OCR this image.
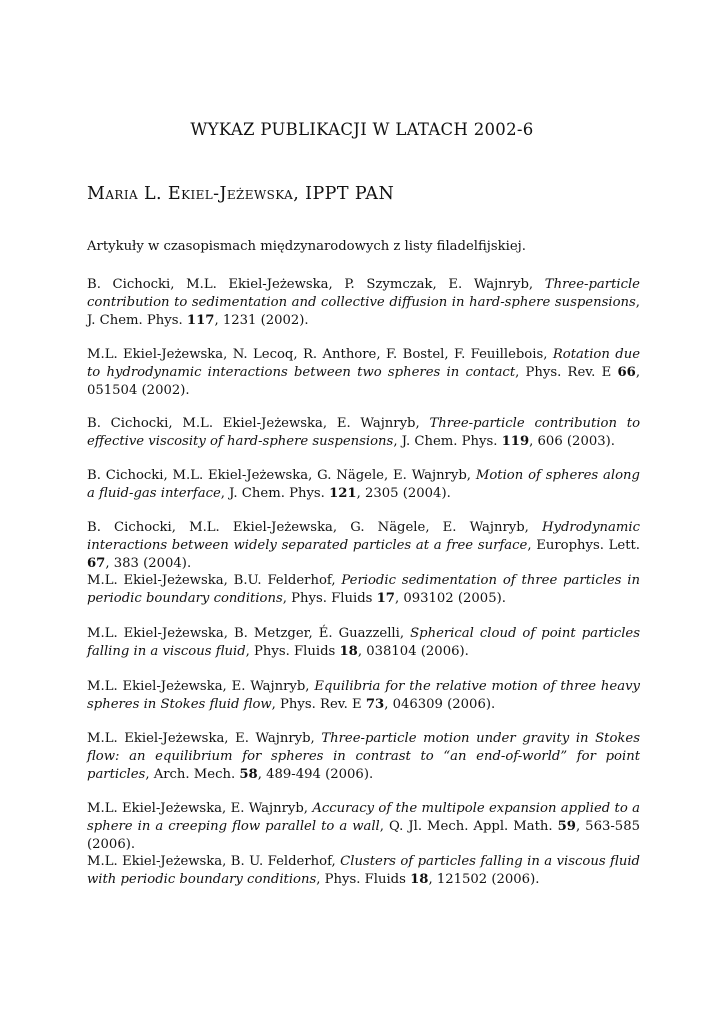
WYKAZ PUBLIKACJI W LATACH 2002-6
Maria L. Ekiel-Jeżewska, IPPT PAN
Artykuły w czasopismach międzynarodowych z listy filadelfijskiej.
B. Cichocki, M.L. Ekiel-Jeżewska, P. Szymczak, E. Wajnryb, Three-particle contribution to sedimentation and collective diffusion in hard-sphere suspensions, J. Chem. Phys. 117, 1231 (2002).
M.L. Ekiel-Jeżewska, N. Lecoq, R. Anthore, F. Bostel, F. Feuillebois, Rotation due to hydrodynamic interactions between two spheres in contact, Phys. Rev. E 66, 051504 (2002).
B. Cichocki, M.L. Ekiel-Jeżewska, E. Wajnryb, Three-particle contribution to effective viscosity of hard-sphere suspensions, J. Chem. Phys. 119, 606 (2003).
B. Cichocki, M.L. Ekiel-Jeżewska, G. Nägele, E. Wajnryb, Motion of spheres along a fluid-gas interface, J. Chem. Phys. 121, 2305 (2004).
B. Cichocki, M.L. Ekiel-Jeżewska, G. Nägele, E. Wajnryb, Hydrodynamic interactions between widely separated particles at a free surface, Europhys. Lett. 67, 383 (2004).
M.L. Ekiel-Jeżewska, B.U. Felderhof, Periodic sedimentation of three particles in periodic boundary conditions, Phys. Fluids 17, 093102 (2005).
M.L. Ekiel-Jeżewska, B. Metzger, É. Guazzelli, Spherical cloud of point particles falling in a viscous fluid, Phys. Fluids 18, 038104 (2006).
M.L. Ekiel-Jeżewska, E. Wajnryb, Equilibria for the relative motion of three heavy spheres in Stokes fluid flow, Phys. Rev. E 73, 046309 (2006).
M.L. Ekiel-Jeżewska, E. Wajnryb, Three-particle motion under gravity in Stokes flow: an equilibrium for spheres in contrast to “an end-of-world” for point particles, Arch. Mech. 58, 489-494 (2006).
M.L. Ekiel-Jeżewska, E. Wajnryb, Accuracy of the multipole expansion applied to a sphere in a creeping flow parallel to a wall, Q. Jl. Mech. Appl. Math. 59, 563-585 (2006).
M.L. Ekiel-Jeżewska, B. U. Felderhof, Clusters of particles falling in a viscous fluid with periodic boundary conditions, Phys. Fluids 18, 121502 (2006).
